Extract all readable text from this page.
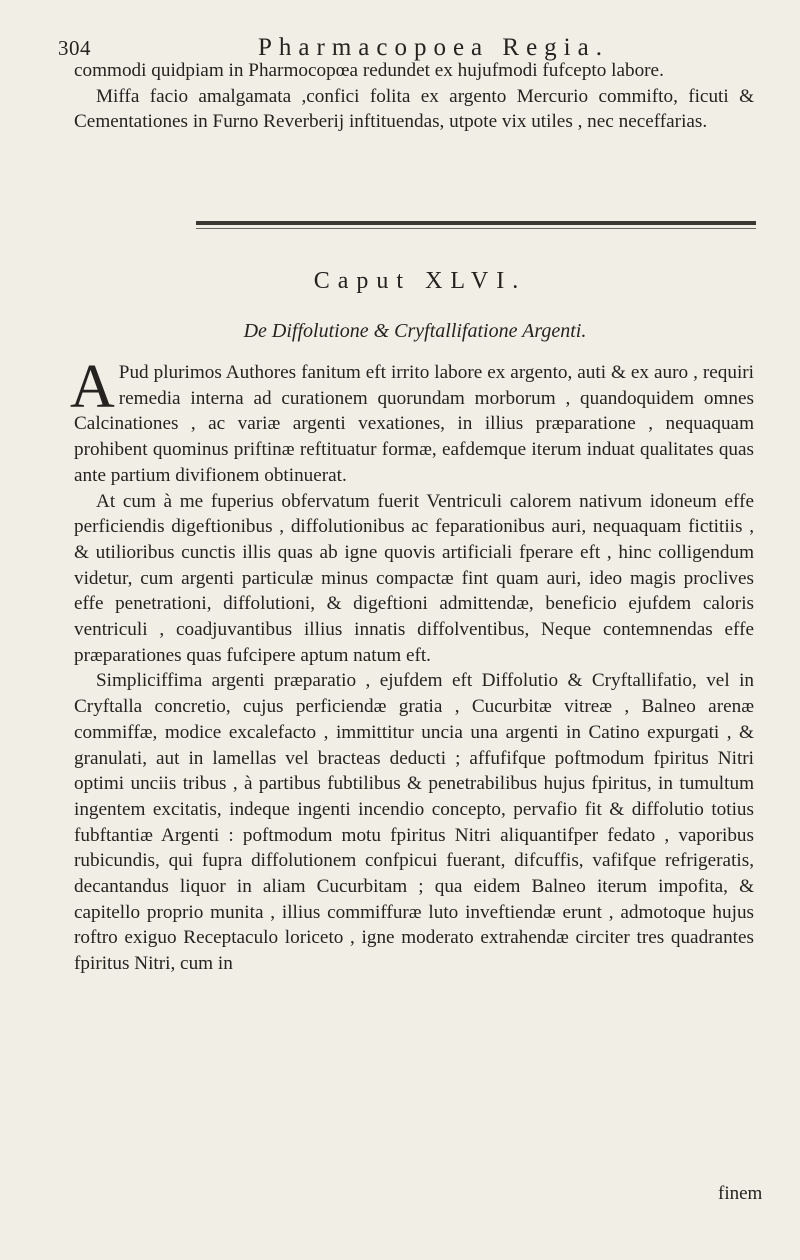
304	Pharmacopoea Regia.

commodi quidpiam in Pharmocopœa redundet ex hujufmodi fufcepto labore.

Miffa facio amalgamata ,confici folita ex argento Mercurio commifto, ficuti & Cementationes in Furno Reverberij inftituendas, utpote vix utiles , nec neceffarias.

Caput XLVI.
De Diffolutione & Cryftallifatione Argenti.

A Pud plurimos Authores fanitum eft irrito labore ex argento, auti & ex auro , requiri remedia interna ad curationem quorundam morborum , quandoquidem omnes Calcinationes , ac variæ argenti vexationes, in illius præparatione , nequaquam prohibent quominus priftinæ reftituatur formæ, eafdemque iterum induat qualitates quas ante partium divifionem obtinuerat.

At cum à me fuperius obfervatum fuerit Ventriculi calorem nativum idoneum effe perficiendis digeftionibus , diffolutionibus ac feparationibus auri, nequaquam fictitiis , & utilioribus cunctis illis quas ab igne quovis artificiali fperare eft , hinc colligendum videtur, cum argenti particulæ minus compactæ fint quam auri, ideo magis proclives effe penetrationi, diffolutioni, & digeftioni admittendæ, beneficio ejufdem caloris ventriculi , coadjuvantibus illius innatis diffolventibus, Neque contemnendas effe præparationes quas fufcipere aptum natum eft.

Simpliciffima argenti præparatio , ejufdem eft Diffolutio & Cryftallifatio, vel in Cryftalla concretio, cujus perficiendæ gratia , Cucurbitæ vitreæ , Balneo arenæ commiffæ, modice excalefacto , immittitur uncia una argenti in Catino expurgati , & granulati, aut in lamellas vel bracteas deducti ; affufifque poftmodum fpiritus Nitri optimi unciis tribus , à partibus fubtilibus & penetrabilibus hujus fpiritus, in tumultum ingentem excitatis, indeque ingenti incendio concepto, pervafio fit & diffolutio totius fubftantiæ Argenti : poftmodum motu fpiritus Nitri aliquantifper fedato , vaporibus rubicundis, qui fupra diffolutionem confpicui fuerant, difcuffis, vafifque refrigeratis, decantandus liquor in aliam Cucurbitam ; qua eidem Balneo iterum impofita, & capitello proprio munita , illius commiffuræ luto inveftiendæ erunt , admotoque hujus roftro exiguo Receptaculo loriceto , igne moderato extrahendæ circiter tres quadrantes fpiritus Nitri, cum in

finem
